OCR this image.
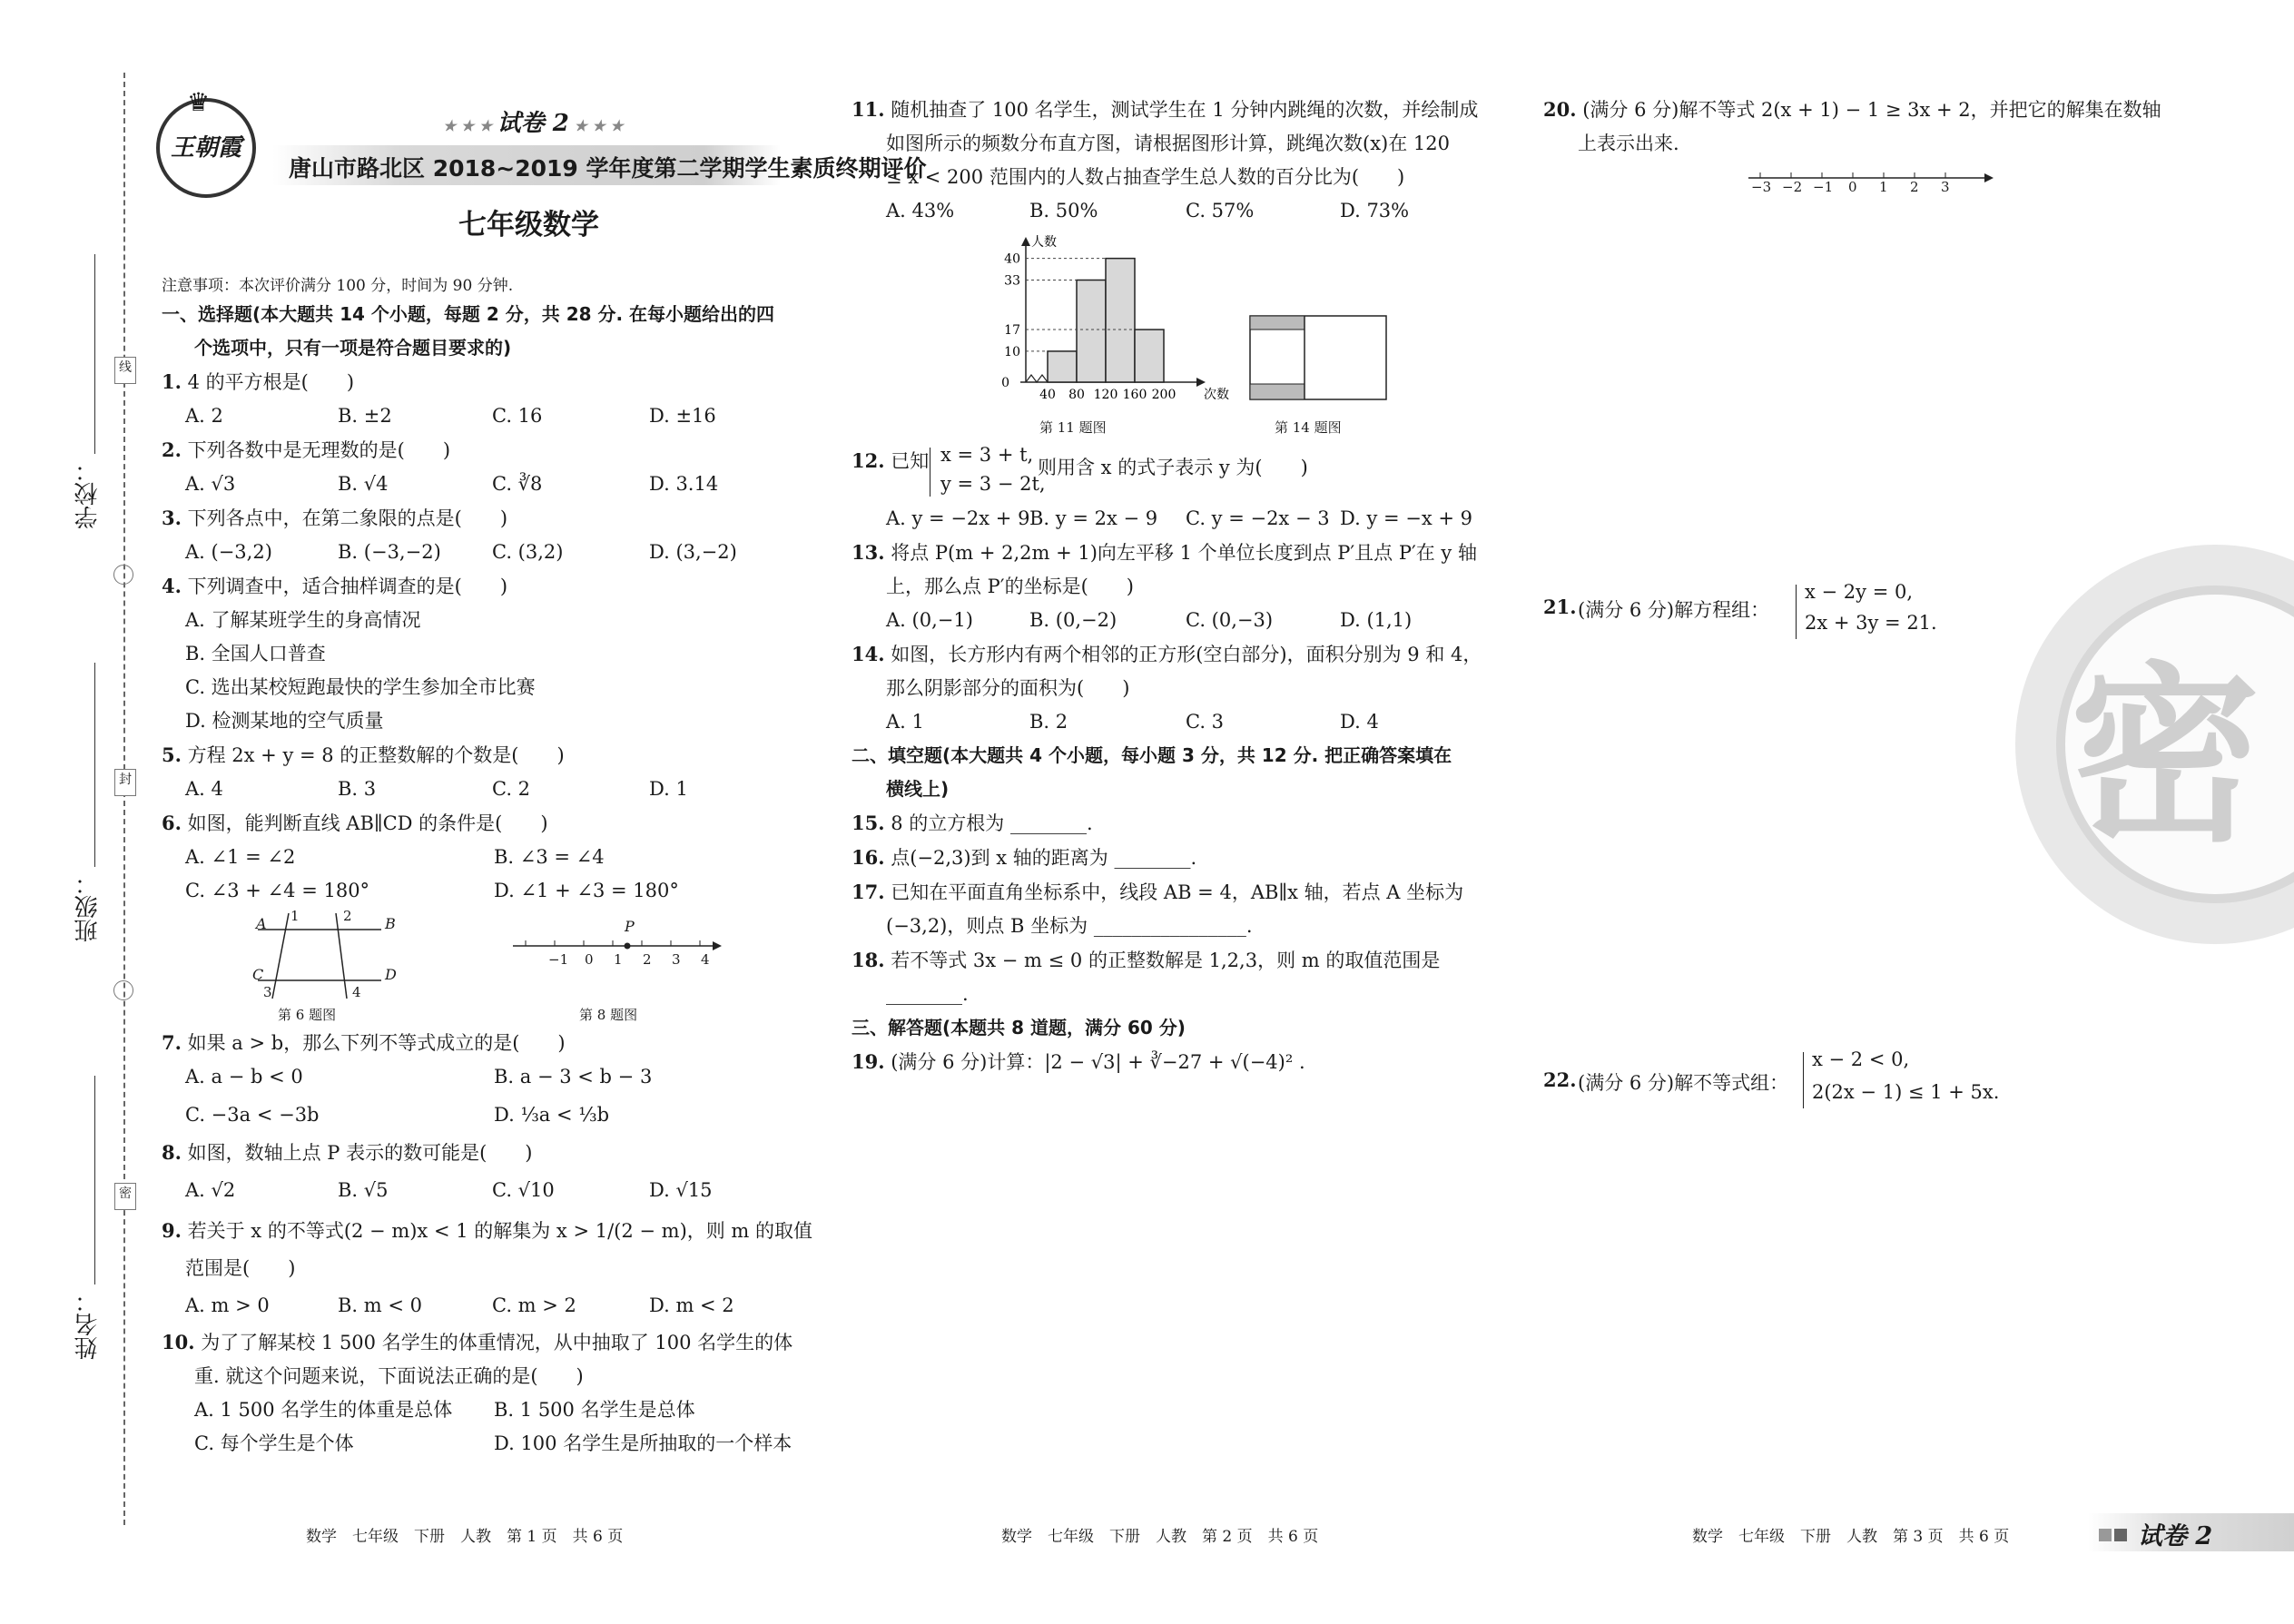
学校：
班级：
姓名：
线
封
密
♛
王朝霞
★ ★ ★ 试卷 2 ★ ★ ★
唐山市路北区 2018~2019 学年度第二学期学生素质终期评价
七年级数学
注意事项：本次评价满分 100 分，时间为 90 分钟.
一、选择题(本大题共 14 个小题，每题 2 分，共 28 分. 在每小题给出的四
个选项中，只有一项是符合题目要求的)
1. 4 的平方根是(　　)
A. 2	B. ±2	C. 16	D. ±16
2. 下列各数中是无理数的是(　　)
A. √3	B. √4	C. ∛8	D. 3.14
3. 下列各点中，在第二象限的点是(　　)
A. (−3,2)	B. (−3,−2)	C. (3,2)	D. (3,−2)
4. 下列调查中，适合抽样调查的是(　　)
A. 了解某班学生的身高情况
B. 全国人口普查
C. 选出某校短跑最快的学生参加全市比赛
D. 检测某地的空气质量
5. 方程 2x + y = 8 的正整数解的个数是(　　)
A. 4	B. 3	C. 2	D. 1
6. 如图，能判断直线 AB∥CD 的条件是(　　)
A. ∠1 = ∠2	B. ∠3 = ∠4
C. ∠3 + ∠4 = 180°	D. ∠1 + ∠3 = 180°
A	B
C	D
1	2
3	4
第 6 题图
P
−1 0 1 2 3 4
第 8 题图
7. 如果 a > b，那么下列不等式成立的是(　　)
A. a − b < 0	B. a − 3 < b − 3
C. −3a < −3b	D. ⅓a < ⅓b
8. 如图，数轴上点 P 表示的数可能是(　　)
A. √2	B. √5	C. √10	D. √15
9. 若关于 x 的不等式(2 − m)x < 1 的解集为 x > 1/(2 − m)，则 m 的取值
范围是(　　)
A. m > 0	B. m < 0	C. m > 2	D. m < 2
10. 为了了解某校 1 500 名学生的体重情况，从中抽取了 100 名学生的体
重. 就这个问题来说，下面说法正确的是(　　)
A. 1 500 名学生的体重是总体	B. 1 500 名学生是总体
C. 每个学生是个体	D. 100 名学生是所抽取的一个样本
11. 随机抽查了 100 名学生，测试学生在 1 分钟内跳绳的次数，并绘制成
如图所示的频数分布直方图，请根据图形计算，跳绳次数(x)在 120
≤ x < 200 范围内的人数占抽查学生总人数的百分比为(　　)
A. 43%	B. 50%	C. 57%	D. 73%
10
17
33
40
0
40 80 120 160 200
人数
次数
第 11 题图	第 14 题图
12. 已知 x = 3 + t,
y = 3 − 2t,
则用含 x 的式子表示 y 为(　　)
A. y = −2x + 9 B. y = 2x − 9	C. y = −2x − 3 D. y = −x + 9
13. 将点 P(m + 2,2m + 1)向左平移 1 个单位长度到点 P′且点 P′在 y 轴
上，那么点 P′的坐标是(　　)
A. (0,−1)	B. (0,−2)	C. (0,−3)	D. (1,1)
14. 如图，长方形内有两个相邻的正方形(空白部分)，面积分别为 9 和 4，
那么阴影部分的面积为(　　)
A. 1	B. 2	C. 3	D. 4
二、填空题(本大题共 4 个小题，每小题 3 分，共 12 分. 把正确答案填在
横线上)
15. 8 的立方根为 ________.
16. 点(−2,3)到 x 轴的距离为 ________.
17. 已知在平面直角坐标系中，线段 AB = 4，AB∥x 轴，若点 A 坐标为
(−3,2)，则点 B 坐标为 ________________.
18. 若不等式 3x − m ≤ 0 的正整数解是 1,2,3，则 m 的取值范围是
________.
三、解答题(本题共 8 道题，满分 60 分)
19. (满分 6 分)计算：|2 − √3| + ∛−27 + √(−4)² .
20. (满分 6 分)解不等式 2(x + 1) − 1 ≥ 3x + 2，并把它的解集在数轴
上表示出来.
−3 −2 −1 0 1 2 3
21. (满分 6 分)解方程组：
x − 2y = 0,
2x + 3y = 21.
22. (满分 6 分)解不等式组：
x − 2 < 0,
2(2x − 1) ≤ 1 + 5x.
密
数学　七年级　下册　人教　第 1 页　共 6 页	数学　七年级　下册　人教　第 2 页　共 6 页	数学　七年级　下册　人教　第 3 页　共 6 页	试卷 2
